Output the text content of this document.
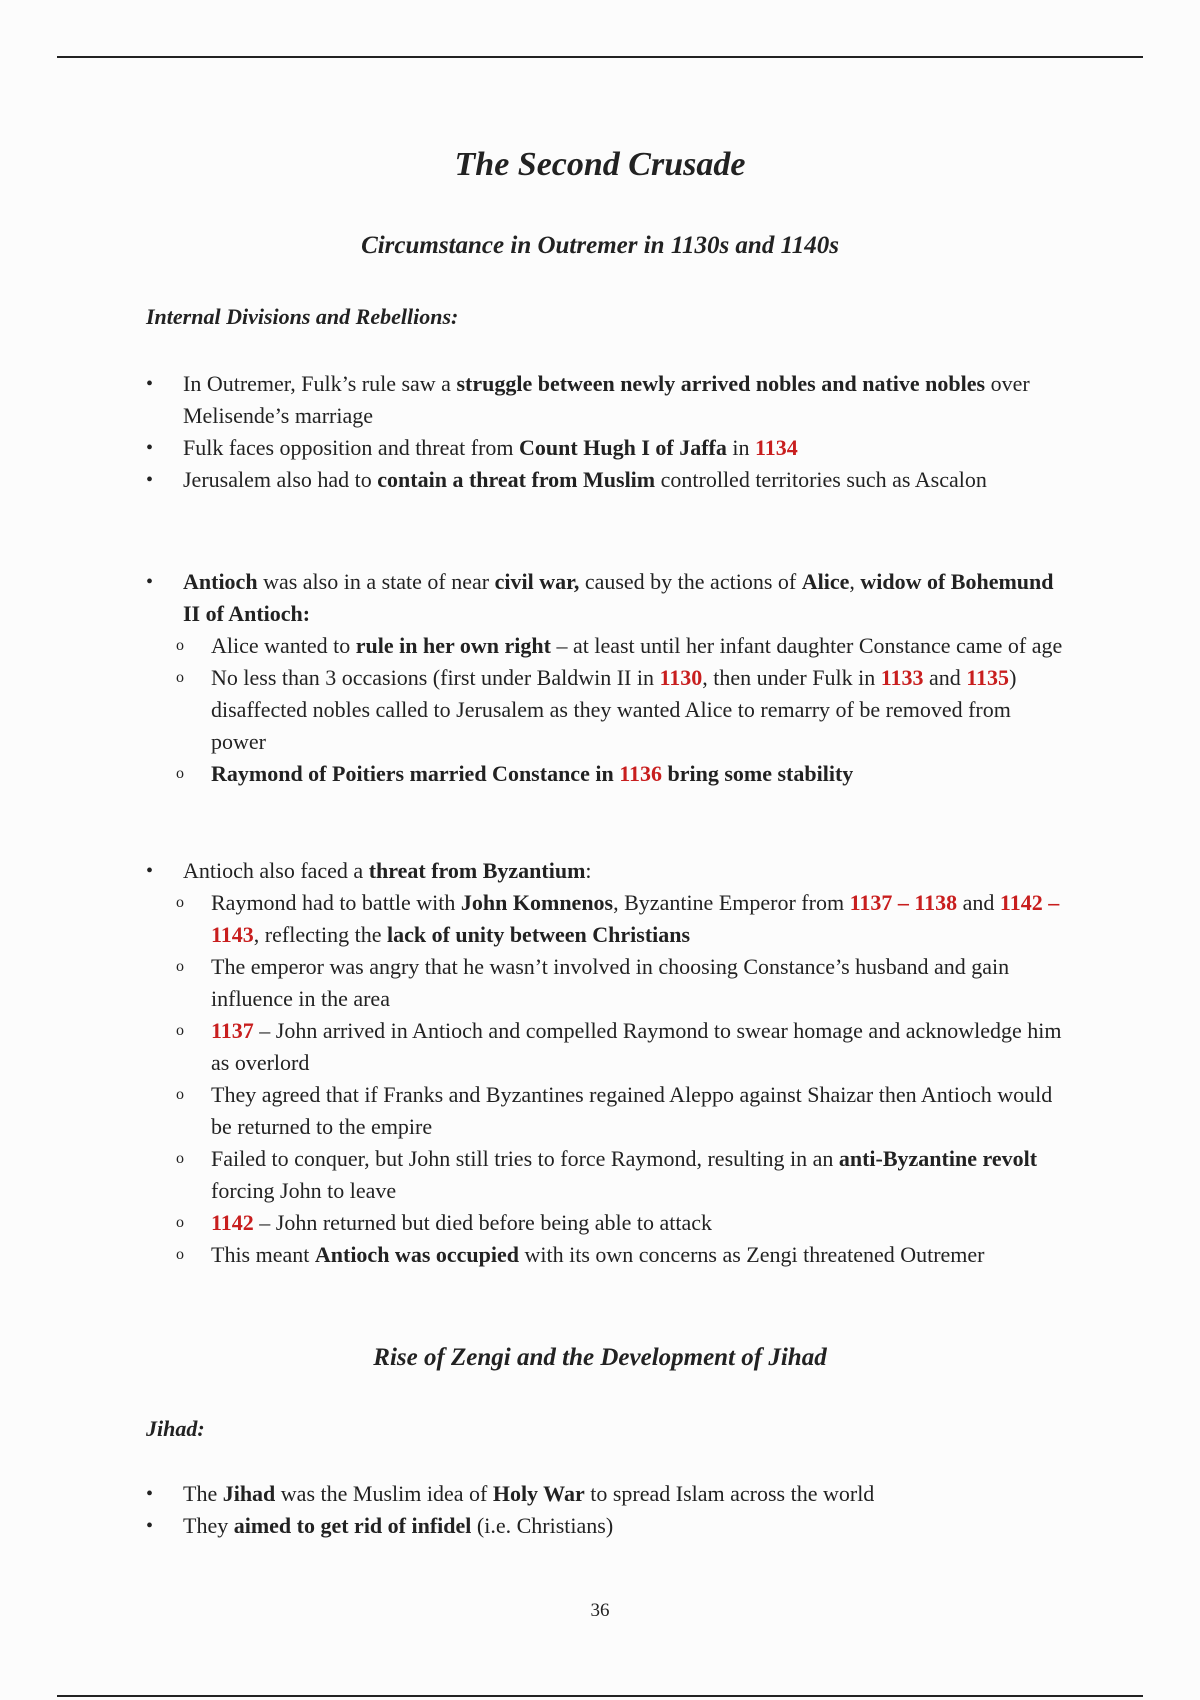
The Second Crusade
Circumstance in Outremer in 1130s and 1140s
Internal Divisions and Rebellions:
•	In Outremer, Fulk’s rule saw a struggle between newly arrived nobles and native nobles over Melisende’s marriage
•	Fulk faces opposition and threat from Count Hugh I of Jaffa in 1134
•	Jerusalem also had to contain a threat from Muslim controlled territories such as Ascalon
•	Antioch was also in a state of near civil war, caused by the actions of Alice, widow of Bohemund II of Antioch:
o Alice wanted to rule in her own right – at least until her infant daughter Constance came of age
o No less than 3 occasions (first under Baldwin II in 1130, then under Fulk in 1133 and 1135) disaffected nobles called to Jerusalem as they wanted Alice to remarry of be removed from power
o Raymond of Poitiers married Constance in 1136 bring some stability
•	Antioch also faced a threat from Byzantium:
o Raymond had to battle with John Komnenos, Byzantine Emperor from 1137 – 1138 and 1142 – 1143, reflecting the lack of unity between Christians
o The emperor was angry that he wasn’t involved in choosing Constance’s husband and gain influence in the area
o 1137 – John arrived in Antioch and compelled Raymond to swear homage and acknowledge him as overlord
o They agreed that if Franks and Byzantines regained Aleppo against Shaizar then Antioch would be returned to the empire
o Failed to conquer, but John still tries to force Raymond, resulting in an anti-Byzantine revolt forcing John to leave
o 1142 – John returned but died before being able to attack
o This meant Antioch was occupied with its own concerns as Zengi threatened Outremer
Rise of Zengi and the Development of Jihad
Jihad:
•	The Jihad was the Muslim idea of Holy War to spread Islam across the world
•	They aimed to get rid of infidel (i.e. Christians)

36
